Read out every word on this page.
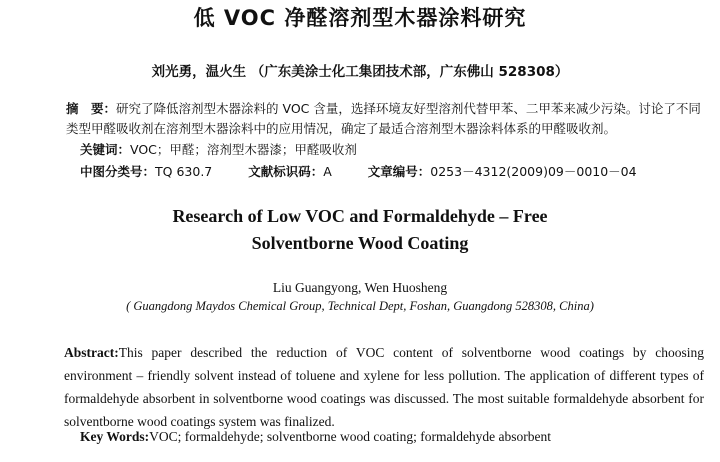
低 VOC 净醛溶剂型木器涂料研究
刘光勇，温火生 （广东美涂士化工集团技术部，广东佛山 528308）
摘　要：研究了降低溶剂型木器涂料的 VOC 含量，选择环境友好型溶剂代替甲苯、二甲苯来减少污染。讨论了不同类型甲醛吸收剂在溶剂型木器涂料中的应用情况，确定了最适合溶剂型木器涂料体系的甲醛吸收剂。
关键词：VOC；甲醛；溶剂型木器漆；甲醛吸收剂
中图分类号：TQ 630.7	文献标识码：A	文章编号：0253－4312(2009)09－0010－04
Research of Low VOC and Formaldehyde – Free
Solventborne Wood Coating
Liu Guangyong, Wen Huosheng
( Guangdong Maydos Chemical Group, Technical Dept, Foshan, Guangdong 528308, China)
Abstract:This paper described the reduction of VOC content of solventborne wood coatings by choosing environment – friendly solvent instead of toluene and xylene for less pollution. The application of different types of formaldehyde absorbent in solventborne wood coatings was discussed. The most suitable formaldehyde absorbent for solventborne wood coatings system was finalized.
Key Words:VOC; formaldehyde; solventborne wood coating; formaldehyde absorbent
